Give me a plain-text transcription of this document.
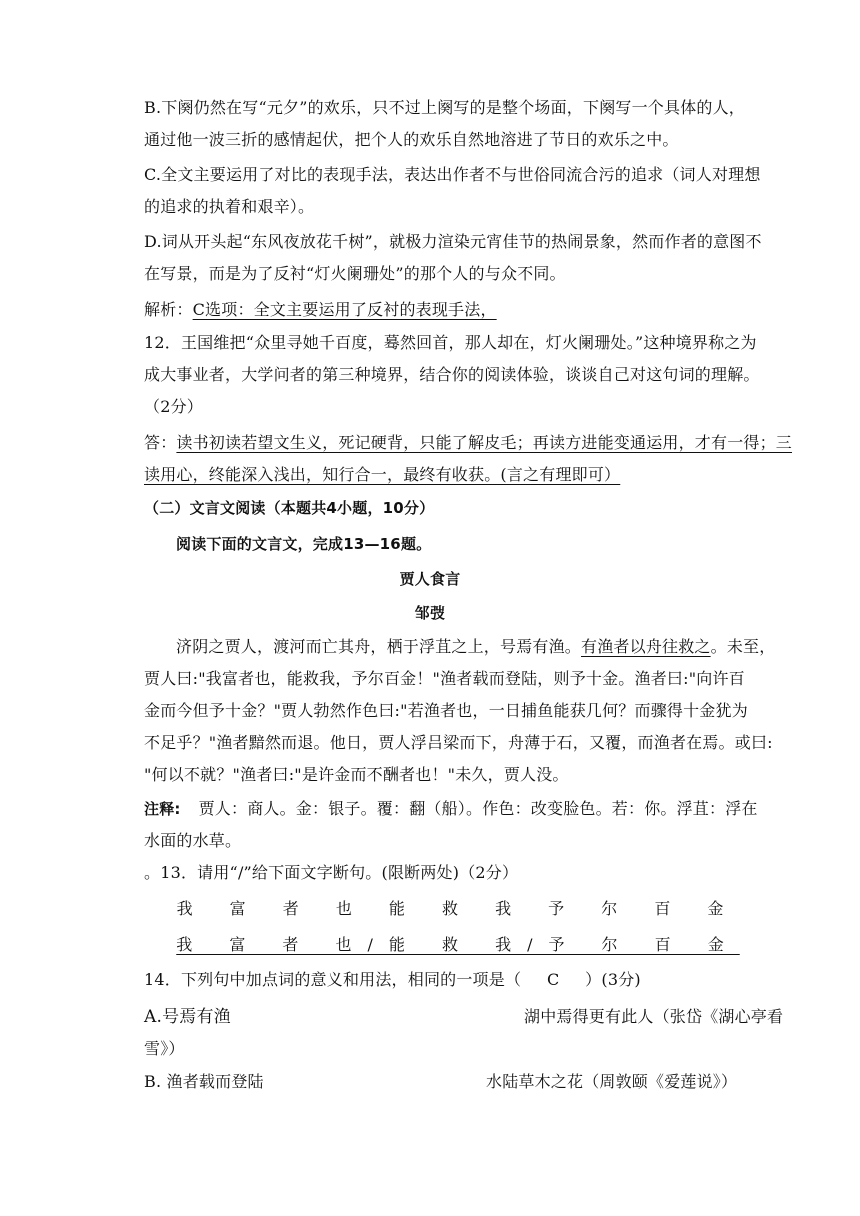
B.下阕仍然在写“元夕”的欢乐，只不过上阕写的是整个场面，下阕写一个具体的人，
通过他一波三折的感情起伏，把个人的欢乐自然地溶进了节日的欢乐之中。
C.全文主要运用了对比的表现手法，表达出作者不与世俗同流合污的追求（词人对理想
的追求的执着和艰辛）。
D.词从开头起“东风夜放花千树”，就极力渲染元宵佳节的热闹景象，然而作者的意图不
在写景，而是为了反衬“灯火阑珊处”的那个人的与众不同。
解析：C选项：全文主要运用了反衬的表现手法，
12．王国维把“众里寻她千百度，蓦然回首，那人却在，灯火阑珊处。”这种境界称之为
成大事业者，大学问者的第三种境界，结合你的阅读体验，谈谈自己对这句词的理解。
（2分）
答：读书初读若望文生义，死记硬背，只能了解皮毛；再读方进能变通运用，才有一得；三
读用心，终能深入浅出，知行合一，最终有收获。(言之有理即可）
（二）文言文阅读（本题共4小题，10分）
阅读下面的文言文，完成13—16题。
贾人食言
邹弢
济阴之贾人，渡河而亡其舟，栖于浮苴之上，号焉有渔。有渔者以舟往救之。未至，
贾人曰:"我富者也，能救我，予尔百金！"渔者载而登陆，则予十金。渔者曰:"向许百
金而今但予十金？"贾人勃然作色曰:"若渔者也，一日捕鱼能获几何？而骤得十金犹为
不足乎？"渔者黯然而退。他日，贾人浮吕梁而下，舟薄于石，又覆，而渔者在焉。或曰:
"何以不就？"渔者曰:"是许金而不酬者也！"未久，贾人没。
注释: 贾人：商人。金：银子。覆：翻（船）。作色：改变脸色。若：你。浮苴：浮在
水面的水草。
。13．请用“/”给下面文字断句。(限断两处)（2分）
我 富 者 也 能 救 我 予 尔 百 金
我 富 者 也/能 救 我/予 尔 百 金
14．下列句中加点词的意义和用法，相同的一项是（ C ）(3分)
A.号焉有渔	湖中焉得更有此人（张岱《湖心亭看
雪》）
B. 渔者载而登陆	水陆草木之花（周敦颐《爱莲说》）
